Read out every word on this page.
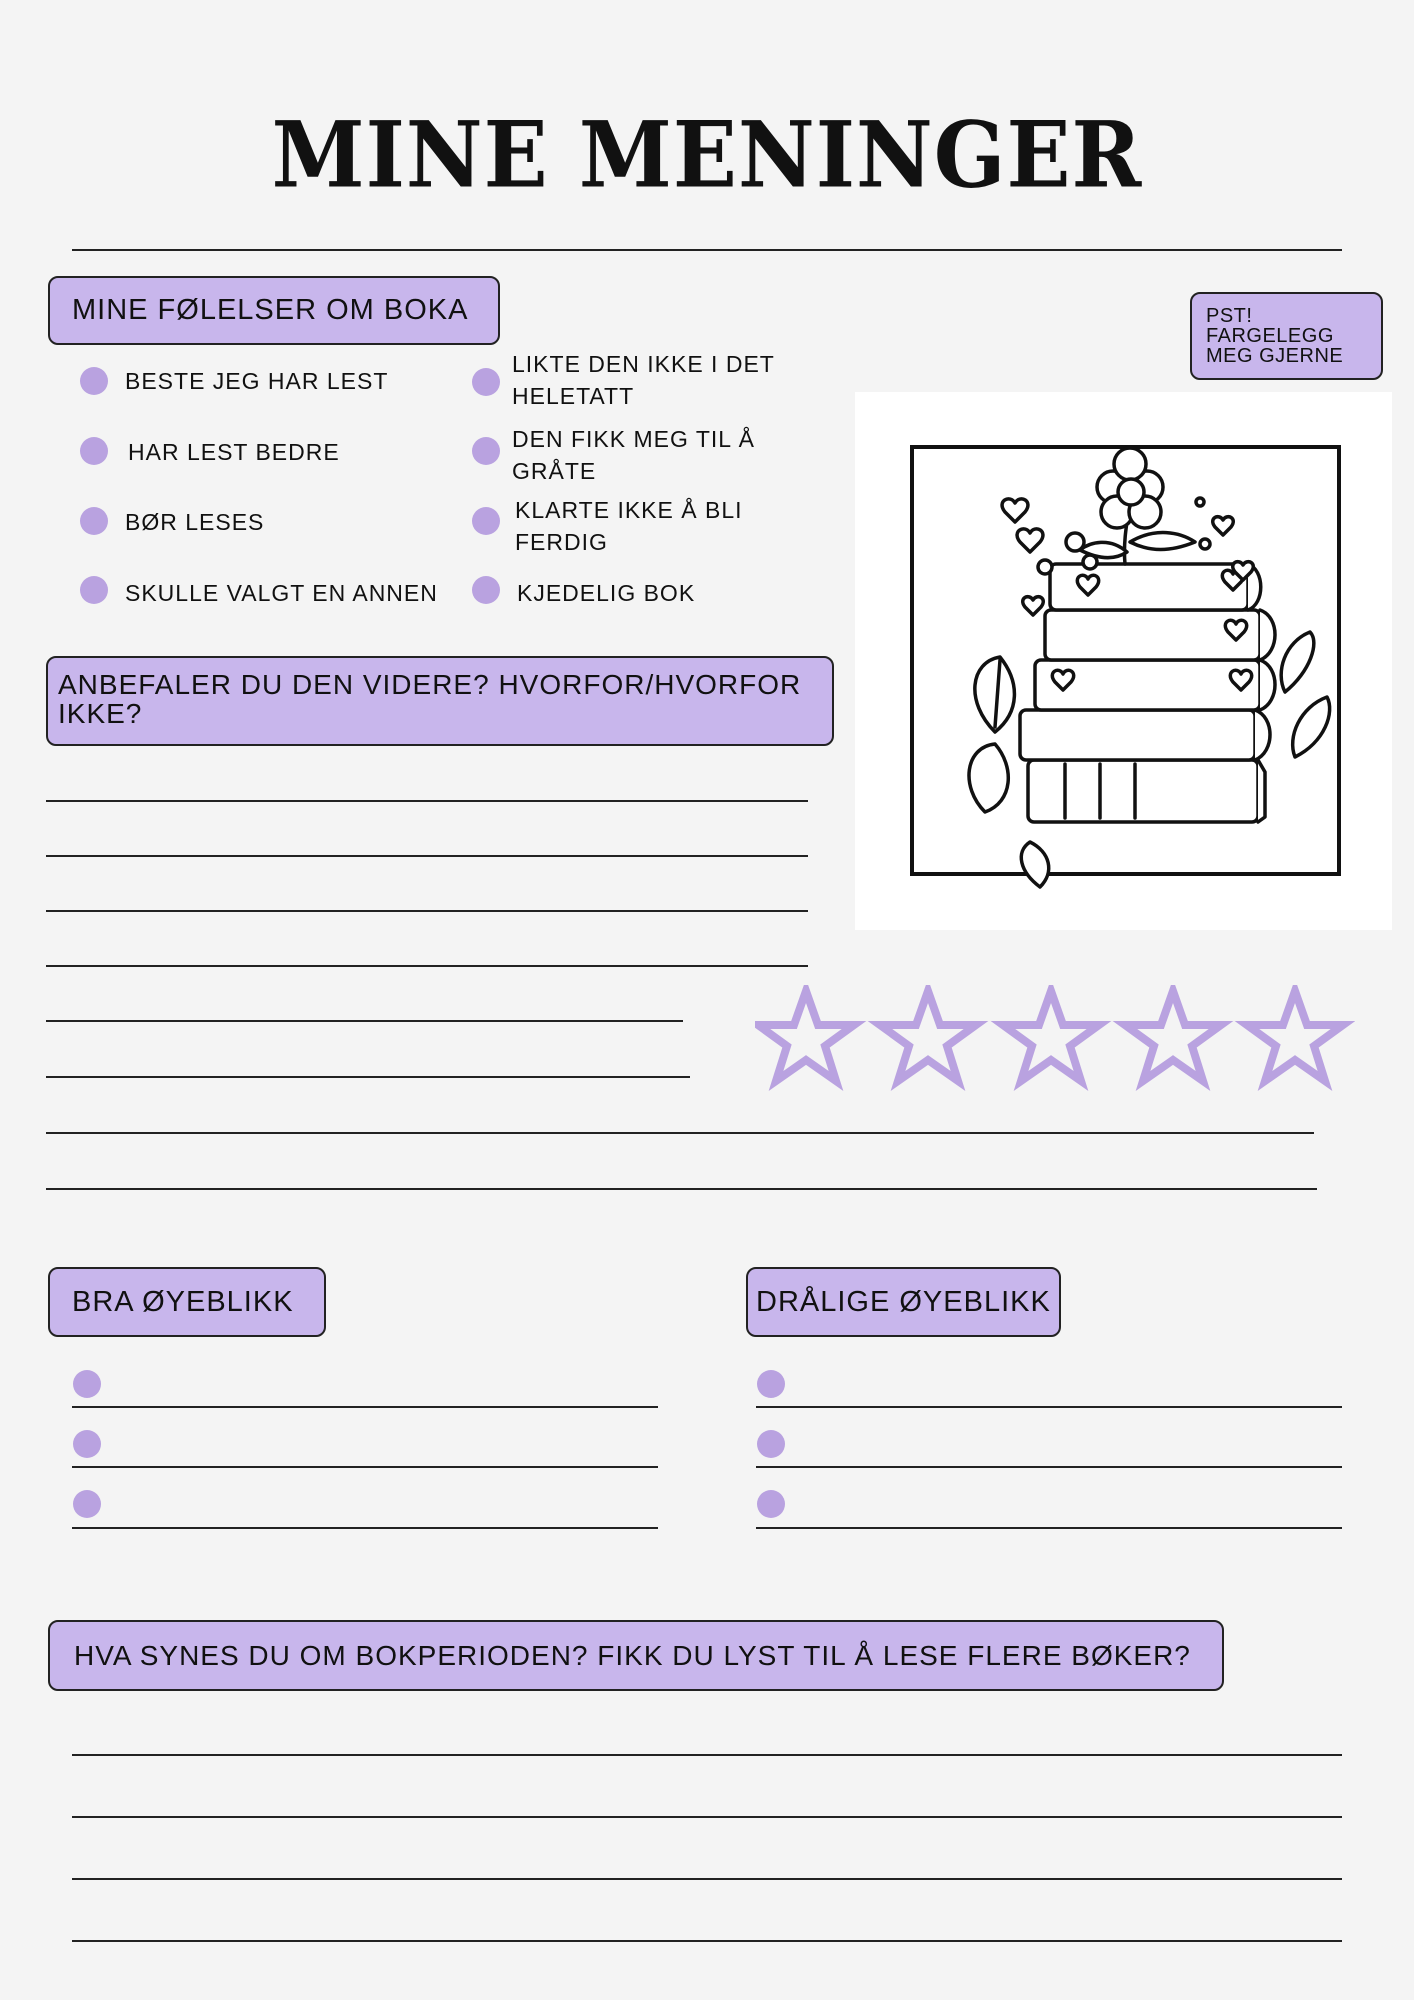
MINE MENINGER
MINE FØLELSER OM BOKA
BESTE JEG HAR LEST
HAR LEST BEDRE
BØR LESES
SKULLE VALGT EN ANNEN
LIKTE DEN IKKE I DET
HELETATT
DEN FIKK MEG TIL Å
GRÅTE
KLARTE IKKE Å BLI
FERDIG
KJEDELIG BOK
PST!
FARGELEGG
MEG GJERNE
ANBEFALER DU DEN VIDERE? HVORFOR/HVORFOR
IKKE?
BRA ØYEBLIKK	DRÅLIGE ØYEBLIKK
HVA SYNES DU OM BOKPERIODEN? FIKK DU LYST TIL Å LESE FLERE BØKER?
